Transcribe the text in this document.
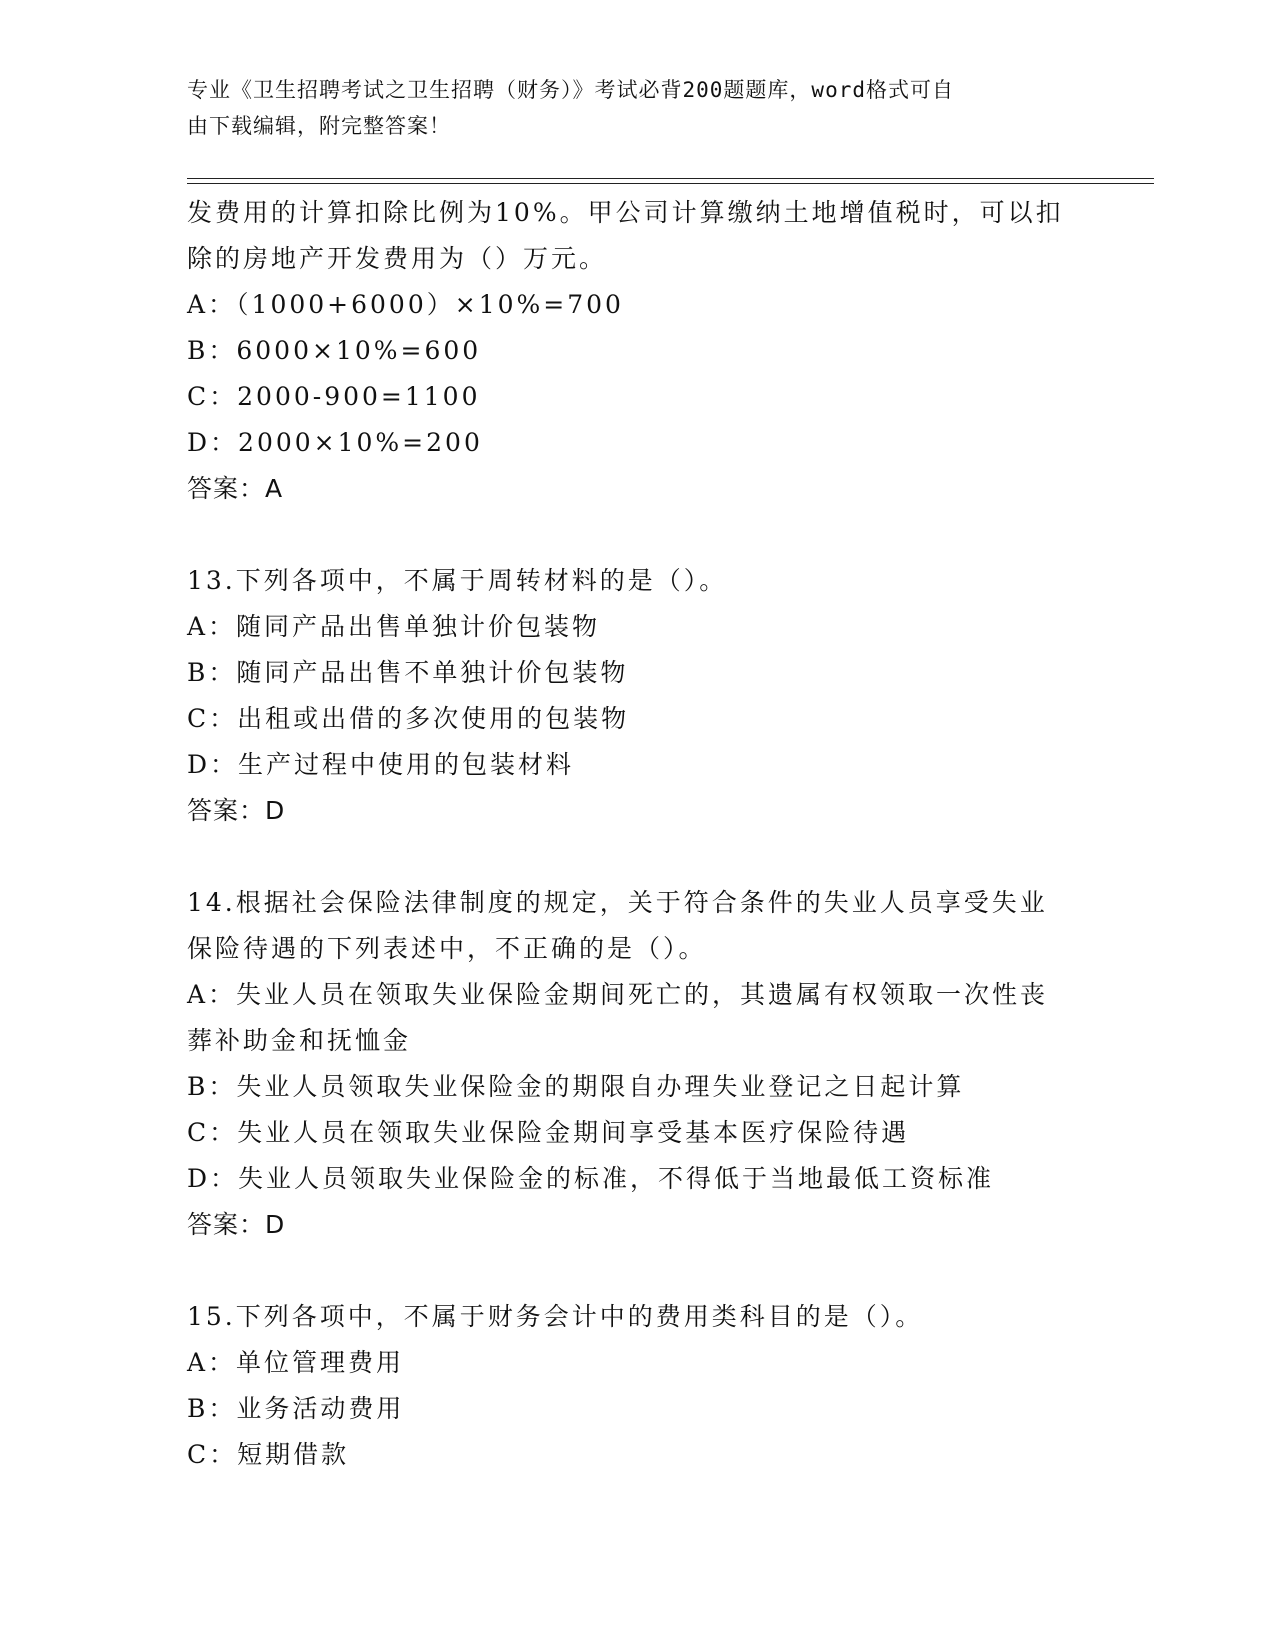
专业《卫生招聘考试之卫生招聘（财务）》考试必背200题题库，word格式可自
由下载编辑，附完整答案！
发费用的计算扣除比例为10%。甲公司计算缴纳土地增值税时，可以扣
除的房地产开发费用为（）万元。
A：（1000+6000）×10%=700
B：6000×10%=600
C：2000-900=1100
D：2000×10%=200
答案：A
13.下列各项中，不属于周转材料的是（）。
A：随同产品出售单独计价包装物
B：随同产品出售不单独计价包装物
C：出租或出借的多次使用的包装物
D：生产过程中使用的包装材料
答案：D
14.根据社会保险法律制度的规定，关于符合条件的失业人员享受失业
保险待遇的下列表述中，不正确的是（）。
A：失业人员在领取失业保险金期间死亡的，其遗属有权领取一次性丧
葬补助金和抚恤金
B：失业人员领取失业保险金的期限自办理失业登记之日起计算
C：失业人员在领取失业保险金期间享受基本医疗保险待遇
D：失业人员领取失业保险金的标准，不得低于当地最低工资标准
答案：D
15.下列各项中，不属于财务会计中的费用类科目的是（）。
A：单位管理费用
B：业务活动费用
C：短期借款
